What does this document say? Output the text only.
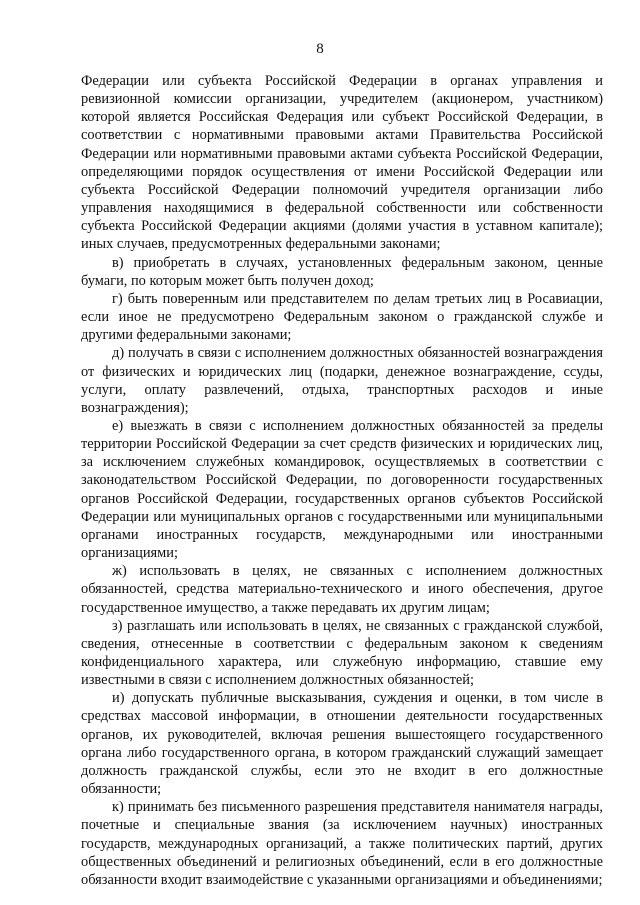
8

Федерации или субъекта Российской Федерации в органах управления и ревизионной комиссии организации, учредителем (акционером, участником) которой является Российская Федерация или субъект Российской Федерации, в соответствии с нормативными правовыми актами Правительства Российской Федерации или нормативными правовыми актами субъекта Российской Федерации, определяющими порядок осуществления от имени Российской Федерации или субъекта Российской Федерации полномочий учредителя организации либо управления находящимися в федеральной собственности или собственности субъекта Российской Федерации акциями (долями участия в уставном капитале); иных случаев, предусмотренных федеральными законами;

в) приобретать в случаях, установленных федеральным законом, ценные бумаги, по которым может быть получен доход;

г) быть поверенным или представителем по делам третьих лиц в Росавиации, если иное не предусмотрено Федеральным законом о гражданской службе и другими федеральными законами;

д) получать в связи с исполнением должностных обязанностей вознаграждения от физических и юридических лиц (подарки, денежное вознаграждение, ссуды, услуги, оплату развлечений, отдыха, транспортных расходов и иные вознаграждения);

е) выезжать в связи с исполнением должностных обязанностей за пределы территории Российской Федерации за счет средств физических и юридических лиц, за исключением служебных командировок, осуществляемых в соответствии с законодательством Российской Федерации, по договоренности государственных органов Российской Федерации, государственных органов субъектов Российской Федерации или муниципальных органов с государственными или муниципальными органами иностранных государств, международными или иностранными организациями;

ж) использовать в целях, не связанных с исполнением должностных обязанностей, средства материально-технического и иного обеспечения, другое государственное имущество, а также передавать их другим лицам;

з) разглашать или использовать в целях, не связанных с гражданской службой, сведения, отнесенные в соответствии с федеральным законом к сведениям конфиденциального характера, или служебную информацию, ставшие ему известными в связи с исполнением должностных обязанностей;

и) допускать публичные высказывания, суждения и оценки, в том числе в средствах массовой информации, в отношении деятельности государственных органов, их руководителей, включая решения вышестоящего государственного органа либо государственного органа, в котором гражданский служащий замещает должность гражданской службы, если это не входит в его должностные обязанности;

к) принимать без письменного разрешения представителя нанимателя награды, почетные и специальные звания (за исключением научных) иностранных государств, международных организаций, а также политических партий, других общественных объединений и религиозных объединений, если в его должностные обязанности входит взаимодействие с указанными организациями и объединениями;
